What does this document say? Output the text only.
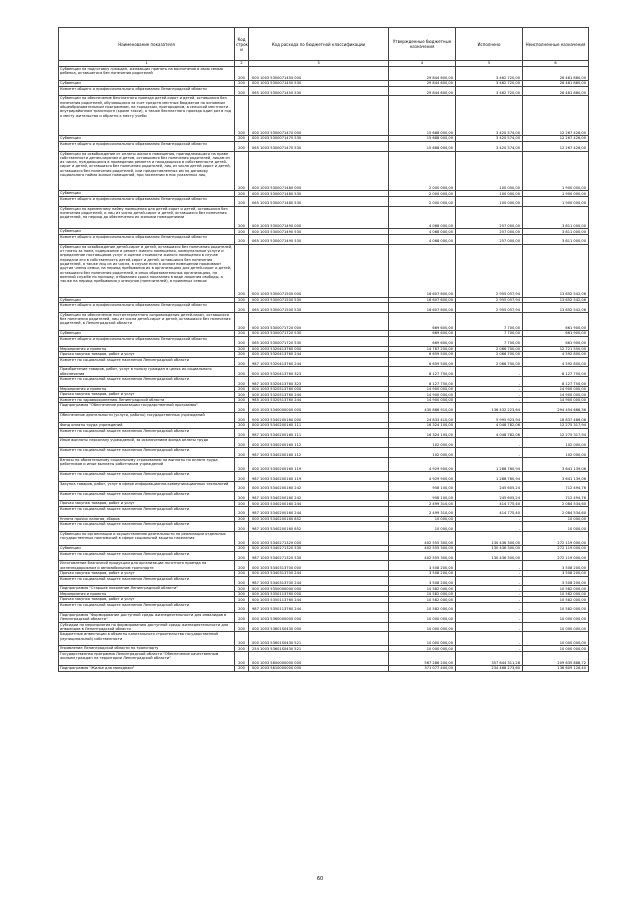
Наименование показателя	Код строк и	Код расхода по бюджетной классификации	Утвержденные бюджетные назначения	Исполнено	Неисполненные назначения
1	2	3	4	5	6
Субвенции на подготовку граждан, желающих принять на воспитание в свою семью ребенка, оставшегося без попечения родителей	200	000 1003 5300071450 000	29 844 600,00	3 462 720,00	26 481 880,00
Субвенции	200	000 1003 5300071450 530	29 844 600,00	3 462 720,00	26 481 880,00
Комитет общего и профессионального образования Ленинградской области	200	065 1003 5300071450 530	29 844 600,00	3 462 720,00	26 481 880,00
Субвенции на обеспечение бесплатного проезда детей-сирот и детей, оставшихся без попечения родителей, обучающихся за счет средств местных бюджетов по основным общеобразовательным программам, на городском, пригородном, в сельской местности - внутрирайонном транспорте (кроме такси), а также бесплатного проезда один раз в год к месту жительства и обратно к месту учебы	200	000 1003 5300071470 000	15 688 000,00	3 420 574,00	12 267 426,00
Субвенции	200	000 1003 5300071470 530	15 688 000,00	3 420 574,00	12 267 426,00
Комитет общего и профессионального образования Ленинградской области	200	065 1003 5300071470 530	15 688 000,00	3 420 574,00	12 267 426,00
Субвенции на освобождение от оплаты жилого помещения, принадлежащего на праве собственности детям-сиротам и детям, оставшимся без попечения родителей, лицам из их числа, нуждающихся в проведении ремонта и находящихся в собственности детей-сирот и детей, оставшихся без попечения родителей, лиц из числа детей-сирот и детей, оставшихся без попечения родителей, или предоставленных им по договору социального найма жилых помещений, при заселении в них указанных лиц	200	000 1003 5300071480 000	2 000 000,00	100 000,00	1 900 000,00
Субвенции	200	000 1003 5300071480 530	2 000 000,00	100 000,00	1 900 000,00
Комитет общего и профессионального образования Ленинградской области	200	065 1003 5300071480 530	2 000 000,00	100 000,00	1 900 000,00
Субвенции по временному найму помещения для детей-сирот и детей, оставшихся без попечения родителей, и лиц из числа детей-сирот и детей, оставшихся без попечения родителей, на период до обеспечения их жилыми помещениями	200	000 1003 5300071490 000	4 068 000,00	257 000,00	3 811 000,00
Субвенции	200	000 1003 5300071490 530	4 068 000,00	257 000,00	3 811 000,00
Комитет общего и профессионального образования Ленинградской области	200	065 1003 5300071490 530	4 068 000,00	257 000,00	3 811 000,00
Субвенции на освобождение детей-сирот и детей, оставшихся без попечения родителей, от платы за наем, содержание и ремонт жилого помещения, коммунальные услуги и определение поставщиков услуг и оценке стоимости жилого помещения в случае передачи его в собственность детей-сирот и детей, оставшихся без попечения родителей, а также лиц из их числа, в случае если в жилом помещении проживают другие члены семьи, на период пребывания их в организациях для детей-сирот и детей, оставшихся без попечения родителей, в иных образовательных организациях, на военной службе по призыву, отбывания срока наказания в виде лишения свободы, а также на период пребывания у опекунов (попечителей), в приемных семьях	200	000 1003 5300071500 000	16 607 600,00	2 955 057,94	13 652 542,06
Субвенции	200	000 1003 5300071500 530	16 607 600,00	2 955 057,94	13 652 542,06
Комитет общего и профессионального образования Ленинградской области	200	065 1003 5300071500 530	16 607 600,00	2 955 057,94	13 652 542,06
Субвенции на обеспечение постинтернатного сопровождения детей-сирот, оставшихся без попечения родителей, лиц из числа детей-сирот и детей, оставшихся без попечения родителей, в Ленинградской области	200	000 1003 5300071720 000	669 600,00	7 700,00	661 900,00
Субвенции	200	000 1003 5300071720 530	669 600,00	7 700,00	661 900,00
Комитет общего и профессионального образования Ленинградской области	200	065 1003 5300071720 530	669 600,00	7 700,00	661 900,00
Мероприятия и проекты	200	000 1003 5320413760 000	14 787 250,00	2 066 700,00	12 721 550,00
Прочая закупка товаров, работ и услуг	200	000 1003 5320413760 244	6 659 500,00	2 066 700,00	4 592 800,00
Комитет по социальной защите населения Ленинградской области	200	987 1003 5320413760 244	6 659 500,00	2 066 700,00	4 592 800,00
Приобретение товаров, работ, услуг в пользу граждан в целях их социального обеспечения	200	000 1003 5320413760 323	8 127 750,00	-	8 127 750,00
Комитет по социальной защите населения Ленинградской области	200	987 1003 5320413760 323	8 127 750,00	-	8 127 750,00
Мероприятия и проекты	200	000 1003 5320513760 000	14 900 000,00	-	14 900 000,00
Прочая закупка товаров, работ и услуг	200	000 1003 5320513760 244	14 900 000,00	-	14 900 000,00
Комитет по здравоохранению Ленинградской области	200	985 1003 5320513760 244	14 900 000,00	-	14 900 000,00
Подпрограмма "Обеспечение реализации государственной программы"	200	000 1003 5340000000 000	430 886 910,00	136 432 223,64	294 454 686,36
Обеспечение деятельности (услуги, работы) государственных учреждений	200	000 1003 5340200160 000	24 833 410,00	5 995 923,94	18 837 486,06
Фонд оплаты труда учреждений	200	000 1003 5340200160 111	16 324 100,00	4 048 782,06	12 275 317,94
Комитет по социальной защите населения Ленинградской области	200	987 1003 5340200160 111	16 324 100,00	4 048 782,06	12 275 317,94
Иные выплаты персоналу учреждений, за исключением фонда оплаты труда	200	000 1003 5340200160 112	102 000,00	-	102 000,00
Комитет по социальной защите населения Ленинградской области	200	987 1003 5340200160 112	102 000,00	-	102 000,00
Взносы по обязательному социальному страхованию на выплаты по оплате труда работников и иные выплаты работникам учреждений	200	000 1003 5340200160 119	4 929 900,00	1 288 760,94	3 641 139,06
Комитет по социальной защите населения Ленинградской области	200	987 1003 5340200160 119	4 929 900,00	1 288 760,94	3 641 139,06
Закупка товаров, работ, услуг в сфере информационно-коммуникационных технологий	200	000 1003 5340200160 242	958 100,00	245 605,24	712 494,76
Комитет по социальной защите населения Ленинградской области	200	987 1003 5340200160 242	958 100,00	245 605,24	712 494,76
Прочая закупка товаров, работ и услуг	200	000 1003 5340200160 244	2 499 310,00	414 775,40	2 084 534,60
Комитет по социальной защите населения Ленинградской области	200	987 1003 5340200160 244	2 499 310,00	414 775,40	2 084 534,60
Уплата прочих налогов, сборов	200	000 1003 5340200160 852	10 000,00	-	10 000,00
Комитет по социальной защите населения Ленинградской области	200	987 1003 5340200160 852	10 000,00	-	10 000,00
Субвенции по организации и осуществлению деятельности по реализации отдельных государственных полномочий в сфере социальной защиты населения	200	000 1003 5340271320 000	402 555 300,00	130 436 300,00	272 119 000,00
Субвенции	200	000 1003 5340271320 530	402 555 300,00	130 436 300,00	272 119 000,00
Комитет по социальной защите населения Ленинградской области	200	987 1003 5340271320 530	402 555 300,00	130 436 300,00	272 119 000,00
Изготовление бланочной продукции для организации льготного проезда на железнодорожном и автомобильном транспорте	200	000 1003 5340313700 000	3 508 200,00	-	3 508 200,00
Прочая закупка товаров, работ и услуг	200	000 1003 5340313700 244	3 508 200,00	-	3 508 200,00
Комитет по социальной защите населения Ленинградской области	200	987 1003 5340313700 244	3 508 200,00	-	3 508 200,00
Подпрограмма "Старшее поколение Ленинградской области"	200	000 1003 5350000000 000	10 582 000,00	-	10 582 000,00
Мероприятия и проекты	200	000 1003 5350113760 000	10 582 000,00	-	10 582 000,00
Прочая закупка товаров, работ и услуг	200	000 1003 5350113760 244	10 582 000,00	-	10 582 000,00
Комитет по социальной защите населения Ленинградской области	200	987 1003 5350113760 244	10 582 000,00	-	10 582 000,00
Подпрограмма "Формирование доступной среды жизнедеятельности для инвалидов в Ленинградской области"	200	000 1003 5360000000 000	10 000 000,00	-	10 000 000,00
Субсидии на мероприятия по формированию доступной среды жизнедеятельности для инвалидов в Ленинградской области	200	000 1003 53601S0430 000	10 000 000,00	-	10 000 000,00
Бюджетные инвестиции в объекты капитального строительства государственной (муниципальной) собственности	200	000 1003 53601S0430 521	10 000 000,00	-	10 000 000,00
Управление Ленинградской области по транспорту	200	254 1003 53601S0430 521	10 000 000,00	-	10 000 000,00
Государственная программа Ленинградской области "Обеспечение качественным жильем граждан на территории Ленинградской области"	200	000 1003 5800000000 000	567 286 200,00	357 644 311,28	209 635 888,72
Подпрограмма "Жилье для молодежи"	200	000 1003 5810000000 000	371 077 400,00	234 468 273,60	136 609 126,40
60
